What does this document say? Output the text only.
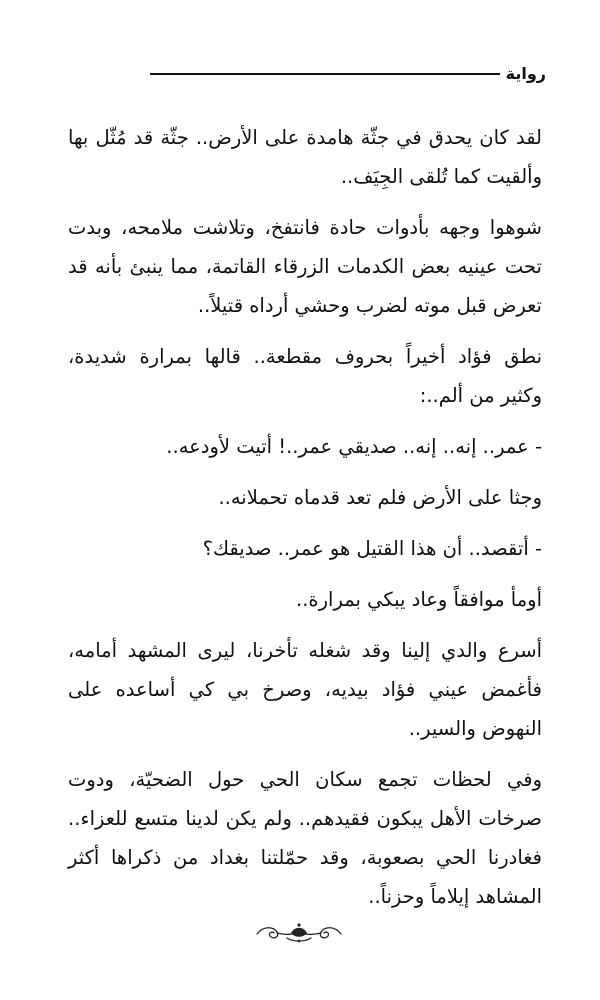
رواية

لقد كان يحدق في جثّة هامدة على الأرض.. جثّة قد مُثّل بها وألقيت كما تُلقى الجِيَف..

شوهوا وجهه بأدوات حادة فانتفخ، وتلاشت ملامحه، وبدت تحت عينيه بعض الكدمات الزرقاء القاتمة، مما ينبئ بأنه قد تعرض قبل موته لضرب وحشي أرداه قتيلاً..

نطق فؤاد أخيراً بحروف مقطعة.. قالها بمرارة شديدة، وكثير من ألم..:

- عمر.. إنه.. إنه.. صديقي عمر..! أتيت لأودعه..

وجثا على الأرض فلم تعد قدماه تحملانه..

- أتقصد.. أن هذا القتيل هو عمر.. صديقك؟

أومأ موافقاً وعاد يبكي بمرارة..

أسرع والدي إلينا وقد شغله تأخرنا، ليرى المشهد أمامه، فأغمض عيني فؤاد بيديه، وصرخ بي كي أساعده على النهوض والسير..

وفي لحظات تجمع سكان الحي حول الضحيّة، ودوت صرخات الأهل يبكون فقيدهم.. ولم يكن لدينا متسع للعزاء.. فغادرنا الحي بصعوبة، وقد حمّلتنا بغداد من ذكراها أكثر المشاهد إيلاماً وحزناً..
